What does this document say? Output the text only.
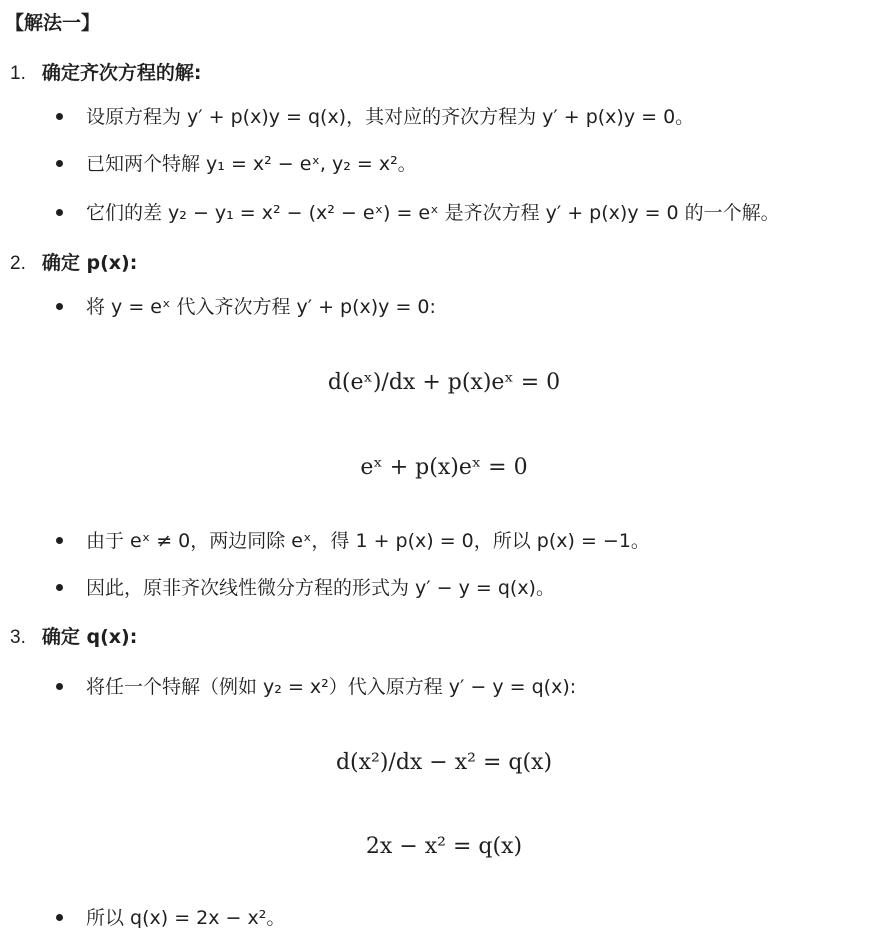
【解法一】
1. 确定齐次方程的解:
设原方程为 y′ + p(x)y = q(x)，其对应的齐次方程为 y′ + p(x)y = 0。
已知两个特解 y₁ = x² − eˣ, y₂ = x²。
它们的差 y₂ − y₁ = x² − (x² − eˣ) = eˣ 是齐次方程 y′ + p(x)y = 0 的一个解。
2. 确定 p(x):
将 y = eˣ 代入齐次方程 y′ + p(x)y = 0:
d(eˣ)/dx + p(x)eˣ = 0
eˣ + p(x)eˣ = 0
由于 eˣ ≠ 0，两边同除 eˣ，得 1 + p(x) = 0，所以 p(x) = −1。
因此，原非齐次线性微分方程的形式为 y′ − y = q(x)。
3. 确定 q(x):
将任一个特解（例如 y₂ = x²）代入原方程 y′ − y = q(x):
d(x²)/dx − x² = q(x)
2x − x² = q(x)
所以 q(x) = 2x − x²。
